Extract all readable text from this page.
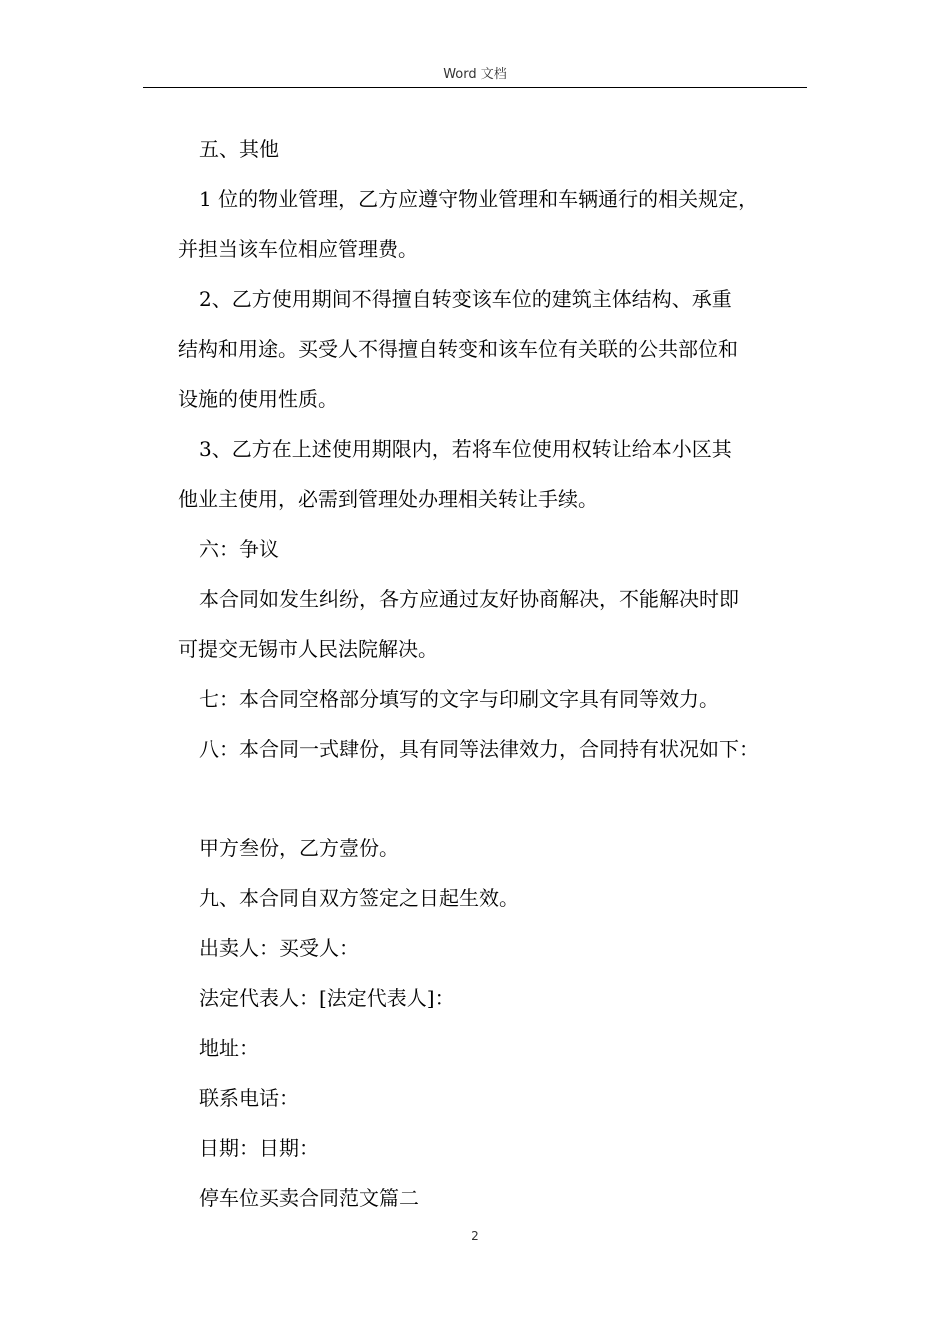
Word 文档
五、其他
1 位的物业管理，乙方应遵守物业管理和车辆通行的相关规定，
并担当该车位相应管理费。
2、乙方使用期间不得擅自转变该车位的建筑主体结构、承重
结构和用途。买受人不得擅自转变和该车位有关联的公共部位和
设施的使用性质。
3、乙方在上述使用期限内，若将车位使用权转让给本小区其
他业主使用，必需到管理处办理相关转让手续。
六：争议
本合同如发生纠纷，各方应通过友好协商解决，不能解决时即
可提交无锡市人民法院解决。
七：本合同空格部分填写的文字与印刷文字具有同等效力。
八：本合同一式肆份，具有同等法律效力，合同持有状况如下：
甲方叁份，乙方壹份。
九、本合同自双方签定之日起生效。
出卖人：买受人：
法定代表人：[法定代表人]：
地址：
联系电话：
日期：日期：
停车位买卖合同范文篇二
2
